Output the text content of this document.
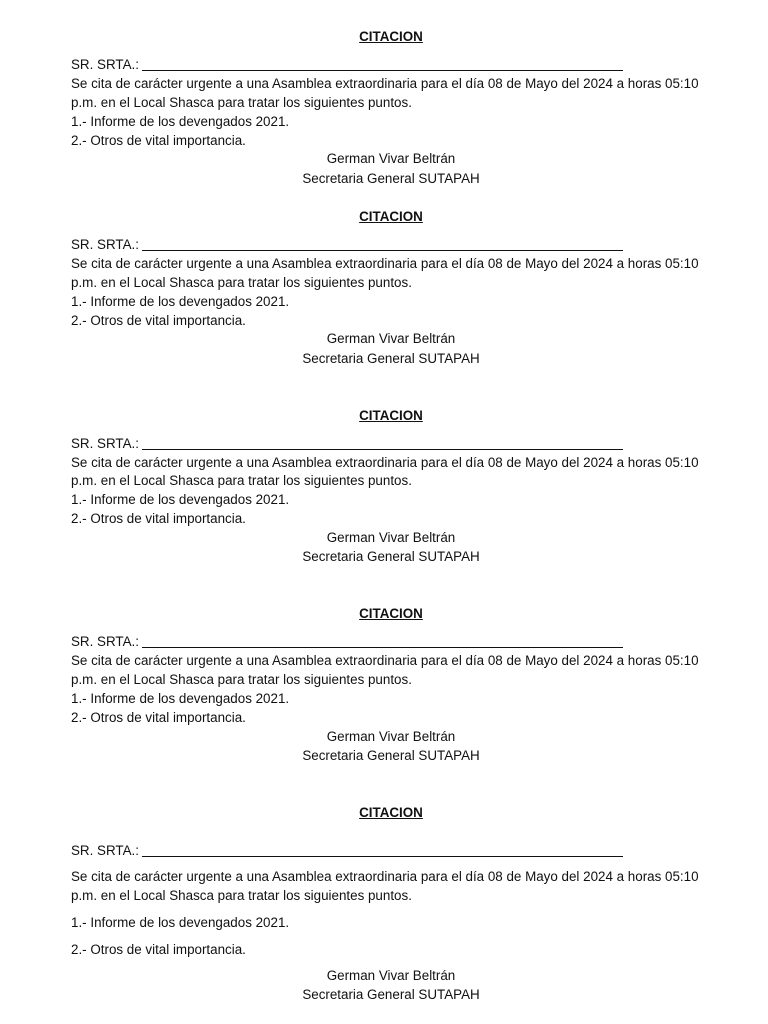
CITACION
SR. SRTA.:
Se cita de carácter urgente a una Asamblea extraordinaria para el día 08 de Mayo del 2024 a horas 05:10
p.m. en el Local Shasca para tratar los siguientes puntos.
1.- Informe de los devengados 2021.
2.- Otros de vital importancia.
German Vivar Beltrán
Secretaria General SUTAPAH
CITACION
SR. SRTA.:
Se cita de carácter urgente a una Asamblea extraordinaria para el día 08 de Mayo del 2024 a horas 05:10
p.m. en el Local Shasca para tratar los siguientes puntos.
1.- Informe de los devengados 2021.
2.- Otros de vital importancia.
German Vivar Beltrán
Secretaria General SUTAPAH
CITACION
SR. SRTA.:
Se cita de carácter urgente a una Asamblea extraordinaria para el día 08 de Mayo del 2024 a horas 05:10
p.m. en el Local Shasca para tratar los siguientes puntos.
1.- Informe de los devengados 2021.
2.- Otros de vital importancia.
German Vivar Beltrán
Secretaria General SUTAPAH
CITACION
SR. SRTA.:
Se cita de carácter urgente a una Asamblea extraordinaria para el día 08 de Mayo del 2024 a horas 05:10
p.m. en el Local Shasca para tratar los siguientes puntos.
1.- Informe de los devengados 2021.
2.- Otros de vital importancia.
German Vivar Beltrán
Secretaria General SUTAPAH
CITACION
SR. SRTA.:
Se cita de carácter urgente a una Asamblea extraordinaria para el día 08 de Mayo del 2024 a horas 05:10
p.m. en el Local Shasca para tratar los siguientes puntos.
1.- Informe de los devengados 2021.
2.- Otros de vital importancia.
German Vivar Beltrán
Secretaria General SUTAPAH
